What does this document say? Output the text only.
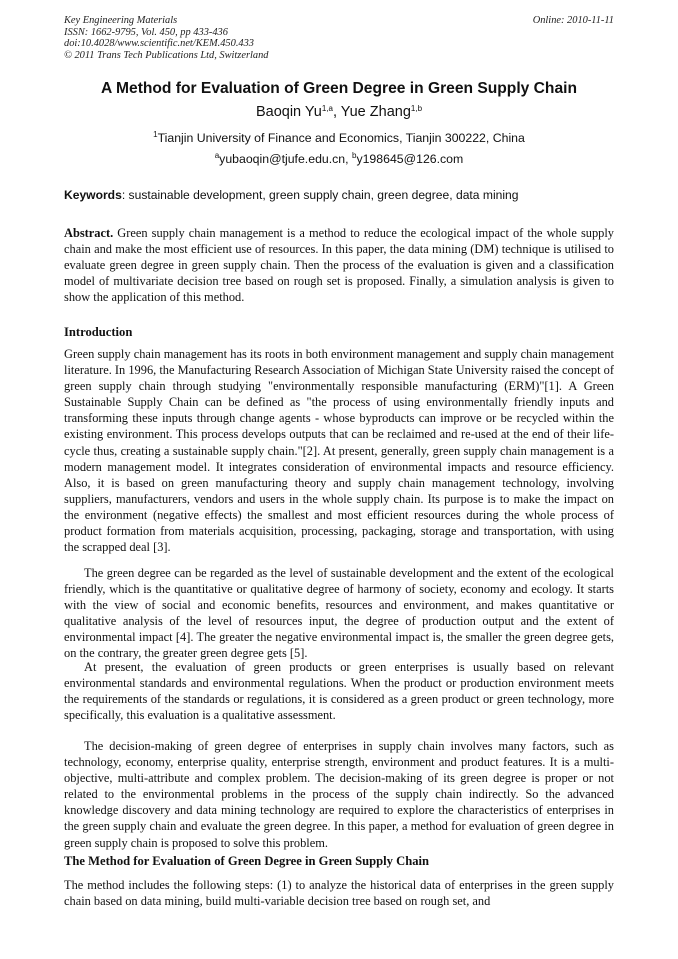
Key Engineering Materials
ISSN: 1662-9795, Vol. 450, pp 433-436
doi:10.4028/www.scientific.net/KEM.450.433
© 2011 Trans Tech Publications Ltd, Switzerland
Online: 2010-11-11
A Method for Evaluation of Green Degree in Green Supply Chain
Baoqin Yu$^{1,a}$, Yue Zhang$^{1,b}$
$^1$Tianjin University of Finance and Economics, Tianjin 300222, China
$^a$yubaoqin@tjufe.edu.cn, $^b$y198645@126.com
Keywords: sustainable development, green supply chain, green degree, data mining
Abstract. Green supply chain management is a method to reduce the ecological impact of the whole supply chain and make the most efficient use of resources. In this paper, the data mining (DM) technique is utilised to evaluate green degree in green supply chain. Then the process of the evaluation is given and a classification model of multivariate decision tree based on rough set is proposed. Finally, a simulation analysis is given to show the application of this method.
Introduction
Green supply chain management has its roots in both environment management and supply chain management literature. In 1996, the Manufacturing Research Association of Michigan State University raised the concept of green supply chain through studying "environmentally responsible manufacturing (ERM)"[1]. A Green Sustainable Supply Chain can be defined as "the process of using environmentally friendly inputs and transforming these inputs through change agents - whose byproducts can improve or be recycled within the existing environment. This process develops outputs that can be reclaimed and re-used at the end of their life-cycle thus, creating a sustainable supply chain."[2]. At present, generally, green supply chain management is a modern management model. It integrates consideration of environmental impacts and resource efficiency. Also, it is based on green manufacturing theory and supply chain management technology, involving suppliers, manufacturers, vendors and users in the whole supply chain. Its purpose is to make the impact on the environment (negative effects) the smallest and most efficient resources during the whole process of product formation from materials acquisition, processing, packaging, storage and transportation, with using the scrapped deal [3].
The green degree can be regarded as the level of sustainable development and the extent of the ecological friendly, which is the quantitative or qualitative degree of harmony of society, economy and ecology. It starts with the view of social and economic benefits, resources and environment, and makes quantitative or qualitative analysis of the level of resources input, the degree of production output and the extent of environmental impact [4]. The greater the negative environmental impact is, the smaller the green degree gets, on the contrary, the greater green degree gets [5].
At present, the evaluation of green products or green enterprises is usually based on relevant environmental standards and environmental regulations. When the product or production environment meets the requirements of the standards or regulations, it is considered as a green product or green technology, more specifically, this evaluation is a qualitative assessment.
The decision-making of green degree of enterprises in supply chain involves many factors, such as technology, economy, enterprise quality, enterprise strength, environment and product features. It is a multi-objective, multi-attribute and complex problem. The decision-making of its green degree is proper or not related to the environmental problems in the process of the supply chain indirectly. So the advanced knowledge discovery and data mining technology are required to explore the characteristics of enterprises in the green supply chain and evaluate the green degree. In this paper, a method for evaluation of green degree in green supply chain is proposed to solve this problem.
The Method for Evaluation of Green Degree in Green Supply Chain
The method includes the following steps: (1) to analyze the historical data of enterprises in the green supply chain based on data mining, build multi-variable decision tree based on rough set, and
